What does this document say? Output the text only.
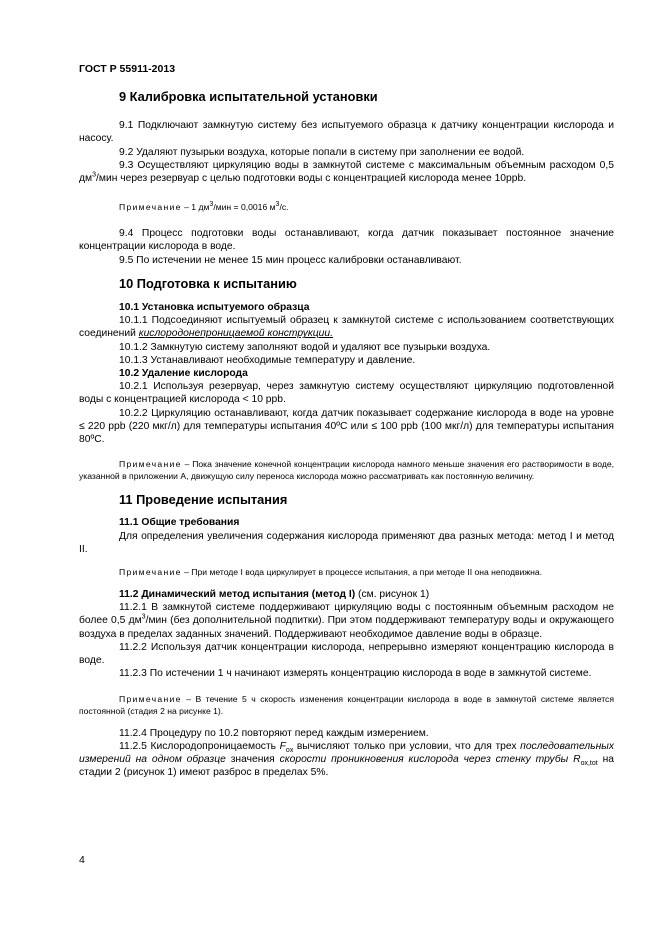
ГОСТ Р 55911-2013
9 Калибровка испытательной установки

9.1 Подключают замкнутую систему без испытуемого образца к датчику концентрации кислорода и насосу.

9.2 Удаляют пузырьки воздуха, которые попали в систему при заполнении ее водой.

9.3 Осуществляют циркуляцию воды в замкнутой системе с максимальным объемным расходом 0,5 $дм^3$/мин через резервуар с целью подготовки воды с концентрацией кислорода менее 10ppb.

Примечание – 1 $дм^3$/мин = 0,0016 $м^3/с$.

9.4 Процесс подготовки воды останавливают, когда датчик показывает постоянное значение концентрации кислорода в воде.

9.5 По истечении не менее 15 мин процесс калибровки останавливают.

10 Подготовка к испытанию
10.1 Установка испытуемого образца

10.1.1 Подсоединяют испытуемый образец к замкнутой системе с использованием соответствующих соединений кислородонепроницаемой конструкции.

10.1.2 Замкнутую систему заполняют водой и удаляют все пузырьки воздуха.

10.1.3 Устанавливают необходимые температуру и давление.

10.2 Удаление кислорода

10.2.1 Используя резервуар, через замкнутую систему осуществляют циркуляцию подготовленной воды с концентрацией кислорода < 10 ppb.

10.2.2 Циркуляцию останавливают, когда датчик показывает содержание кислорода в воде на уровне ≤ 220 ppb (220 мкг/л) для температуры испытания 40ºС или ≤ 100 ppb (100 мкг/л) для температуры испытания 80ºС.

Примечание – Пока значение конечной концентрации кислорода намного меньше значения его растворимости в воде, указанной в приложении А, движущую силу переноса кислорода можно рассматривать как постоянную величину.

11 Проведение испытания
11.1 Общие требования

Для определения увеличения содержания кислорода применяют два разных метода: метод I и метод II.

Примечание – При методе I вода циркулирует в процессе испытания, а при методе II она неподвижна.

11.2 Динамический метод испытания (метод I) (см. рисунок 1)

11.2.1 В замкнутой системе поддерживают циркуляцию воды с постоянным объемным расходом не более 0,5 $дм^3$/мин (без дополнительной подпитки). При этом поддерживают температуру воды и окружающего воздуха в пределах заданных значений. Поддерживают необходимое давление воды в образце.

11.2.2 Используя датчик концентрации кислорода, непрерывно измеряют концентрацию кислорода в воде.

11.2.3 По истечении 1 ч начинают измерять концентрацию кислорода в воде в замкнутой системе.

Примечание – В течение 5 ч скорость изменения концентрации кислорода в воде в замкнутой системе является постоянной (стадия 2 на рисунке 1).

11.2.4 Процедуру по 10.2 повторяют перед каждым измерением.

11.2.5 Кислородопроницаемость $F_{ox}$ вычисляют только при условии, что для трех последовательных измерений на одном образце значения скорости проникновения кислорода через стенку трубы $R_{ox,tot}$ на стадии 2 (рисунок 1) имеют разброс в пределах 5%.

4
